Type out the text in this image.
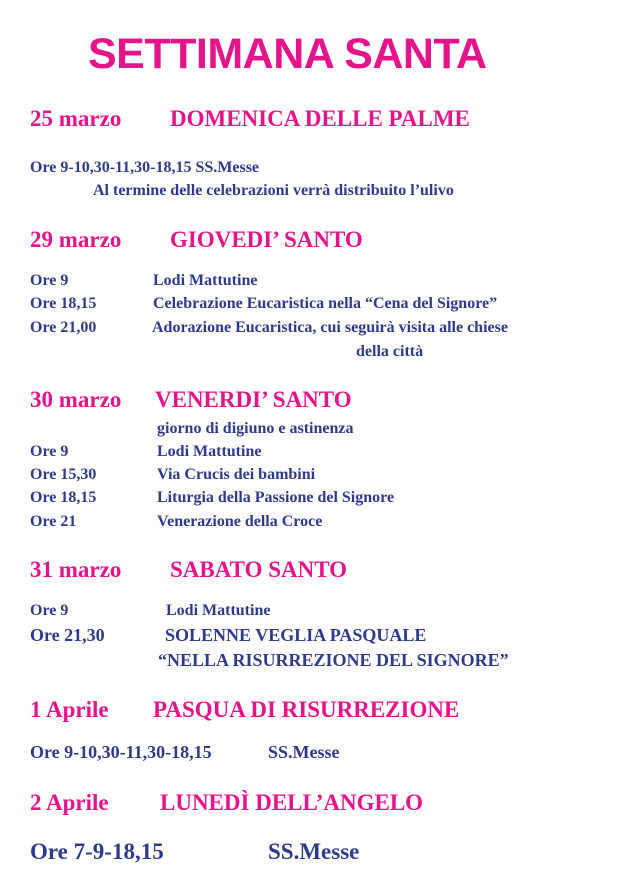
SETTIMANA SANTA
25 marzo DOMENICA DELLE PALME
Ore 9-10,30-11,30-18,15 SS.Messe
Al termine delle celebrazioni verrà distribuito l’ulivo
29 marzo GIOVEDI’ SANTO
Ore 9	Lodi Mattutine
Ore 18,15	Celebrazione Eucaristica nella “Cena del Signore”
Ore 21,00	Adorazione Eucaristica, cui seguirà visita alle chiese
della città
30 marzo VENERDI’ SANTO
giorno di digiuno e astinenza
Ore 9	Lodi Mattutine
Ore 15,30	Via Crucis dei bambini
Ore 18,15	Liturgia della Passione del Signore
Ore 21	Venerazione della Croce
31 marzo SABATO SANTO
Ore 9	Lodi Mattutine
Ore 21,30	SOLENNE VEGLIA PASQUALE
“NELLA RISURREZIONE DEL SIGNORE”
1 Aprile PASQUA DI RISURREZIONE
Ore 9-10,30-11,30-18,15	SS.Messe
2 Aprile LUNEDÌ DELL’ANGELO
Ore 7-9-18,15	SS.Messe
